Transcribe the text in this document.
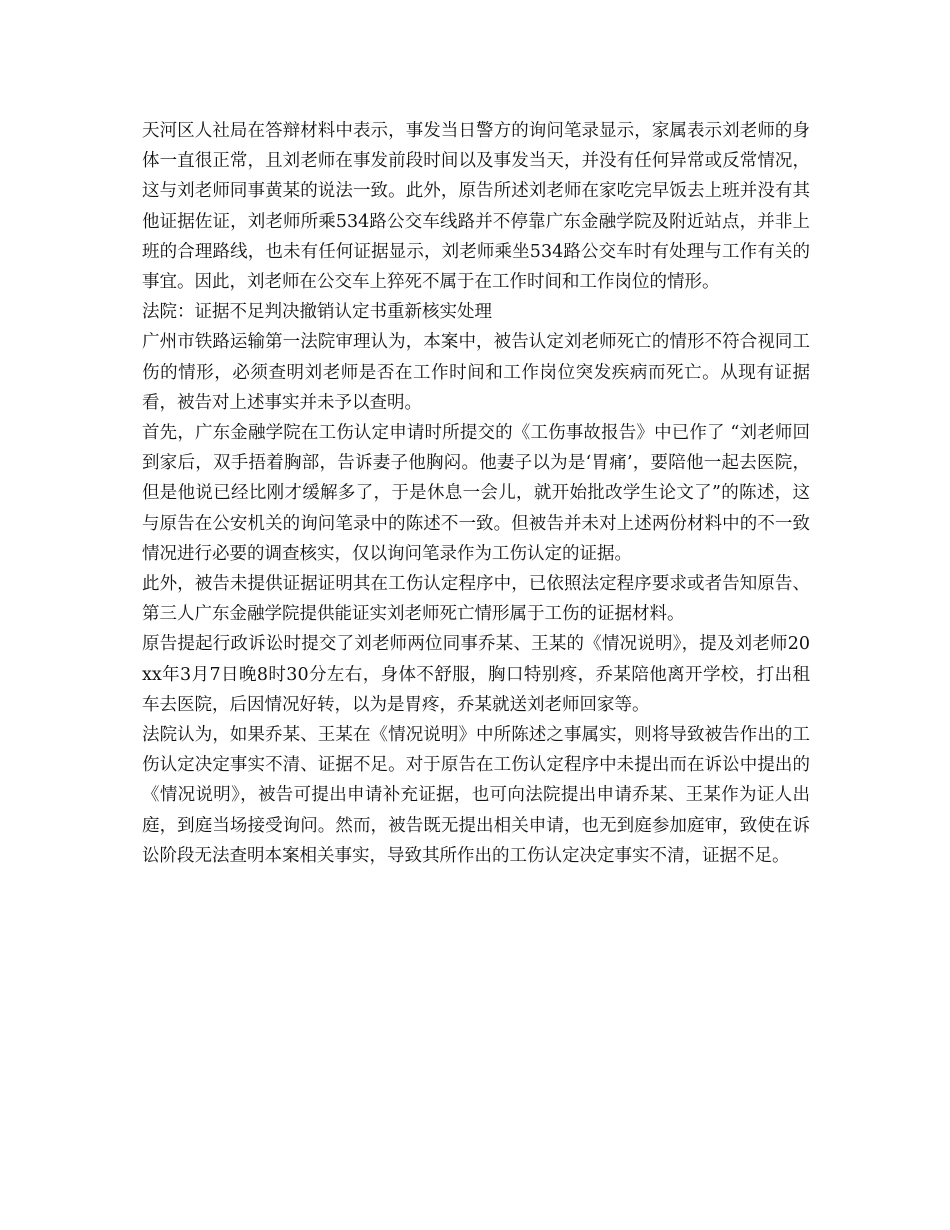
天河区人社局在答辩材料中表示，事发当日警方的询问笔录显示，家属表示刘老师的身体一直很正常，且刘老师在事发前段时间以及事发当天，并没有任何异常或反常情况，这与刘老师同事黄某的说法一致。此外，原告所述刘老师在家吃完早饭去上班并没有其他证据佐证，刘老师所乘534路公交车线路并不停靠广东金融学院及附近站点，并非上班的合理路线，也未有任何证据显示，刘老师乘坐534路公交车时有处理与工作有关的事宜。因此，刘老师在公交车上猝死不属于在工作时间和工作岗位的情形。

法院：证据不足判决撤销认定书重新核实处理

广州市铁路运输第一法院审理认为，本案中，被告认定刘老师死亡的情形不符合视同工伤的情形，必须查明刘老师是否在工作时间和工作岗位突发疾病而死亡。从现有证据看，被告对上述事实并未予以查明。

首先，广东金融学院在工伤认定申请时所提交的《工伤事故报告》中已作了 “刘老师回到家后，双手捂着胸部，告诉妻子他胸闷。他妻子以为是‘胃痛’，要陪他一起去医院，但是他说已经比刚才缓解多了，于是休息一会儿，就开始批改学生论文了”的陈述，这与原告在公安机关的询问笔录中的陈述不一致。但被告并未对上述两份材料中的不一致情况进行必要的调查核实，仅以询问笔录作为工伤认定的证据。

此外，被告未提供证据证明其在工伤认定程序中，已依照法定程序要求或者告知原告、第三人广东金融学院提供能证实刘老师死亡情形属于工伤的证据材料。

原告提起行政诉讼时提交了刘老师两位同事乔某、王某的《情况说明》，提及刘老师20xx年3月7日晚8时30分左右，身体不舒服，胸口特别疼，乔某陪他离开学校，打出租车去医院，后因情况好转，以为是胃疼，乔某就送刘老师回家等。

法院认为，如果乔某、王某在《情况说明》中所陈述之事属实，则将导致被告作出的工伤认定决定事实不清、证据不足。对于原告在工伤认定程序中未提出而在诉讼中提出的《情况说明》，被告可提出申请补充证据，也可向法院提出申请乔某、王某作为证人出庭，到庭当场接受询问。然而，被告既无提出相关申请，也无到庭参加庭审，致使在诉讼阶段无法查明本案相关事实，导致其所作出的工伤认定决定事实不清，证据不足。
